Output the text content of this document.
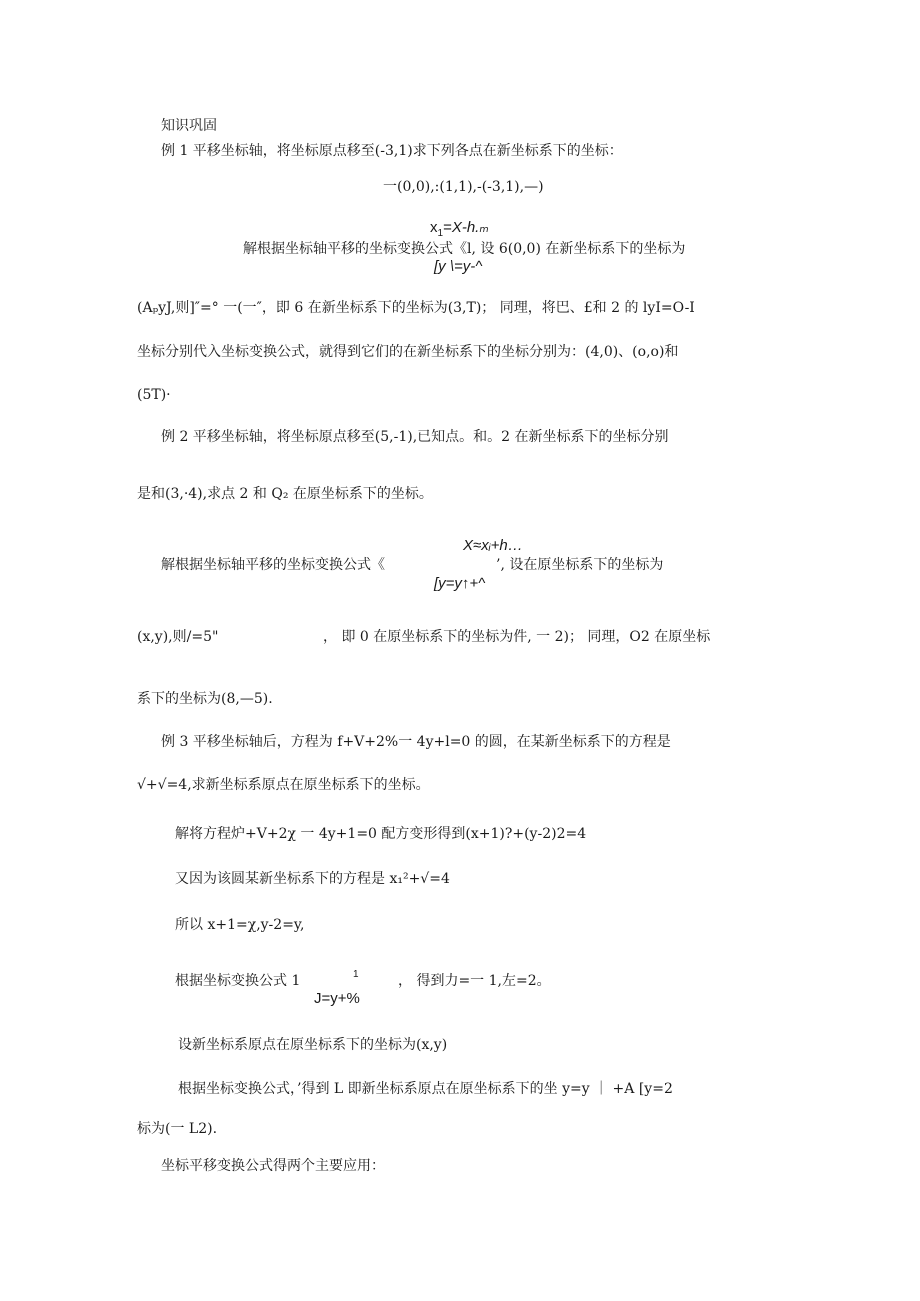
知识巩固
例 1 平移坐标轴，将坐标原点移至(-3,1)求下列各点在新坐标系下的坐标：
一(0,0),:(1,1),-(-3,1),—)
$x_1=X-h._m$
解根据坐标轴平移的坐标变换公式《l, 设 6(0,0) 在新坐标系下的坐标为
[y \=y-^
(AₚyJ,则]″=° 一(一″，即 6 在新坐标系下的坐标为(3,T)； 同理，将巴、£和 2 的 lyI=O-I
坐标分别代入坐标变换公式，就得到它们的在新坐标系下的坐标分别为：(4,0)、(o,o)和
(5T)·
例 2 平移坐标轴，将坐标原点移至(5,-1),已知点。和。2 在新坐标系下的坐标分别
是和(3,·4),求点 2 和 Q₂ 在原坐标系下的坐标。
X≈xᵢ+h…
解根据坐标轴平移的坐标变换公式《	’, 设在原坐标系下的坐标为
[y=y↑+^
(x,y),则/=5"	， 即 0 在原坐标系下的坐标为件, 一 2)； 同理，O2 在原坐标
系下的坐标为(8,—5).
例 3 平移坐标轴后，方程为 f+V+2%一 4y+l=0 的圆，在某新坐标系下的方程是
√+√=4,求新坐标系原点在原坐标系下的坐标。
解将方程炉+V+2χ 一 4y+1=0 配方变形得到(x+1)?+(y-2)2=4
又因为该圆某新坐标系下的方程是 x₁²+√=4
所以 x+1=χ,y-2=y,
根据坐标变换公式 1	1	， 得到力=一 1,左=2。
J=y+%
设新坐标系原点在原坐标系下的坐标为(x,y)
根据坐标变换公式，’得到 L 即新坐标系原点在原坐标系下的坐 y=y ｜ +A [y=2
标为(一 L2).
坐标平移变换公式得两个主要应用：
